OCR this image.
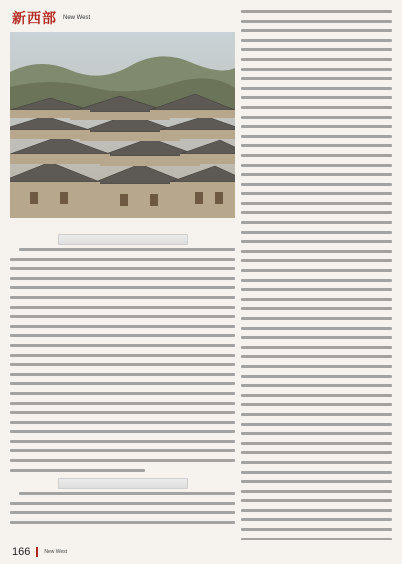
新西部 New West
166	New West
